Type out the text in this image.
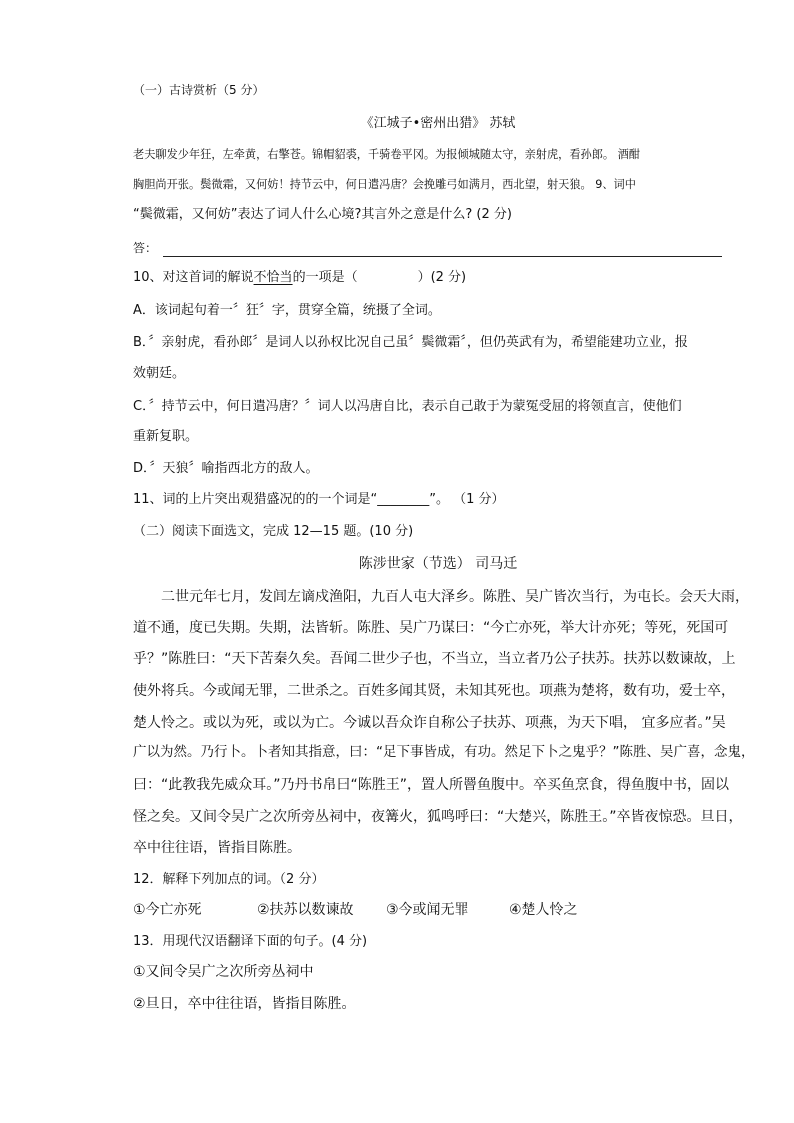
（一）古诗赏析（5 分）
《江城子•密州出猎》 苏轼
老夫聊发少年狂，左牵黄，右擎苍。锦帽貂裘，千骑卷平冈。为报倾城随太守，亲射虎，看孙郎。 酒酣
胸胆尚开张。鬓微霜，又何妨！持节云中，何日遣冯唐？会挽雕弓如满月，西北望，射天狼。 9、词中
“鬓微霜，又何妨”表达了词人什么心境?其言外之意是什么? (2 分)
答：
10、对这首词的解说不恰当的一项是（	）(2 分)
A．该词起句着一〞狂〞字，贯穿全篇，统摄了全词。
B．〞亲射虎，看孙郎〞是词人以孙权比况自己虽〞鬓微霜〞，但仍英武有为，希望能建功立业，报
效朝廷。
C．〞持节云中，何日遣冯唐？〞词人以冯唐自比，表示自己敢于为蒙冤受屈的将领直言，使他们
重新复职。
D．〞天狼〞喻指西北方的敌人。
11、词的上片突出观猎盛况的的一个词是“________”。 （1 分）
（二）阅读下面选文，完成 12—15 题。(10 分)
陈涉世家（节选） 司马迁
二世元年七月，发闾左谪戍渔阳，九百人屯大泽乡。陈胜、吴广皆次当行，为屯长。会天大雨，
道不通，度已失期。失期，法皆斩。陈胜、吴广乃谋曰：“今亡亦死，举大计亦死；等死，死国可
乎？”陈胜曰：“天下苦秦久矣。吾闻二世少子也，不当立，当立者乃公子扶苏。扶苏以数谏故，上
使外将兵。今或闻无罪，二世杀之。百姓多闻其贤，未知其死也。项燕为楚将，数有功，爱士卒，
楚人怜之。或以为死，或以为亡。今诚以吾众诈自称公子扶苏、项燕，为天下唱， 宜多应者。”吴
广以为然。乃行卜。卜者知其指意，曰：“足下事皆成，有功。然足下卜之鬼乎？”陈胜、吴广喜，念鬼，
曰：“此教我先威众耳。”乃丹书帛曰“陈胜王”，置人所罾鱼腹中。卒买鱼烹食，得鱼腹中书，固以
怪之矣。又间令吴广之次所旁丛祠中，夜篝火，狐鸣呼曰：“大楚兴，陈胜王。”卒皆夜惊恐。旦日，
卒中往往语，皆指目陈胜。
12．解释下列加点的词。（2 分）
①今亡亦死	②扶苏以数谏故 ③今或闻无罪	④楚人怜之
13．用现代汉语翻译下面的句子。(4 分)
①又间令吴广之次所旁丛祠中
②旦日，卒中往往语，皆指目陈胜。
